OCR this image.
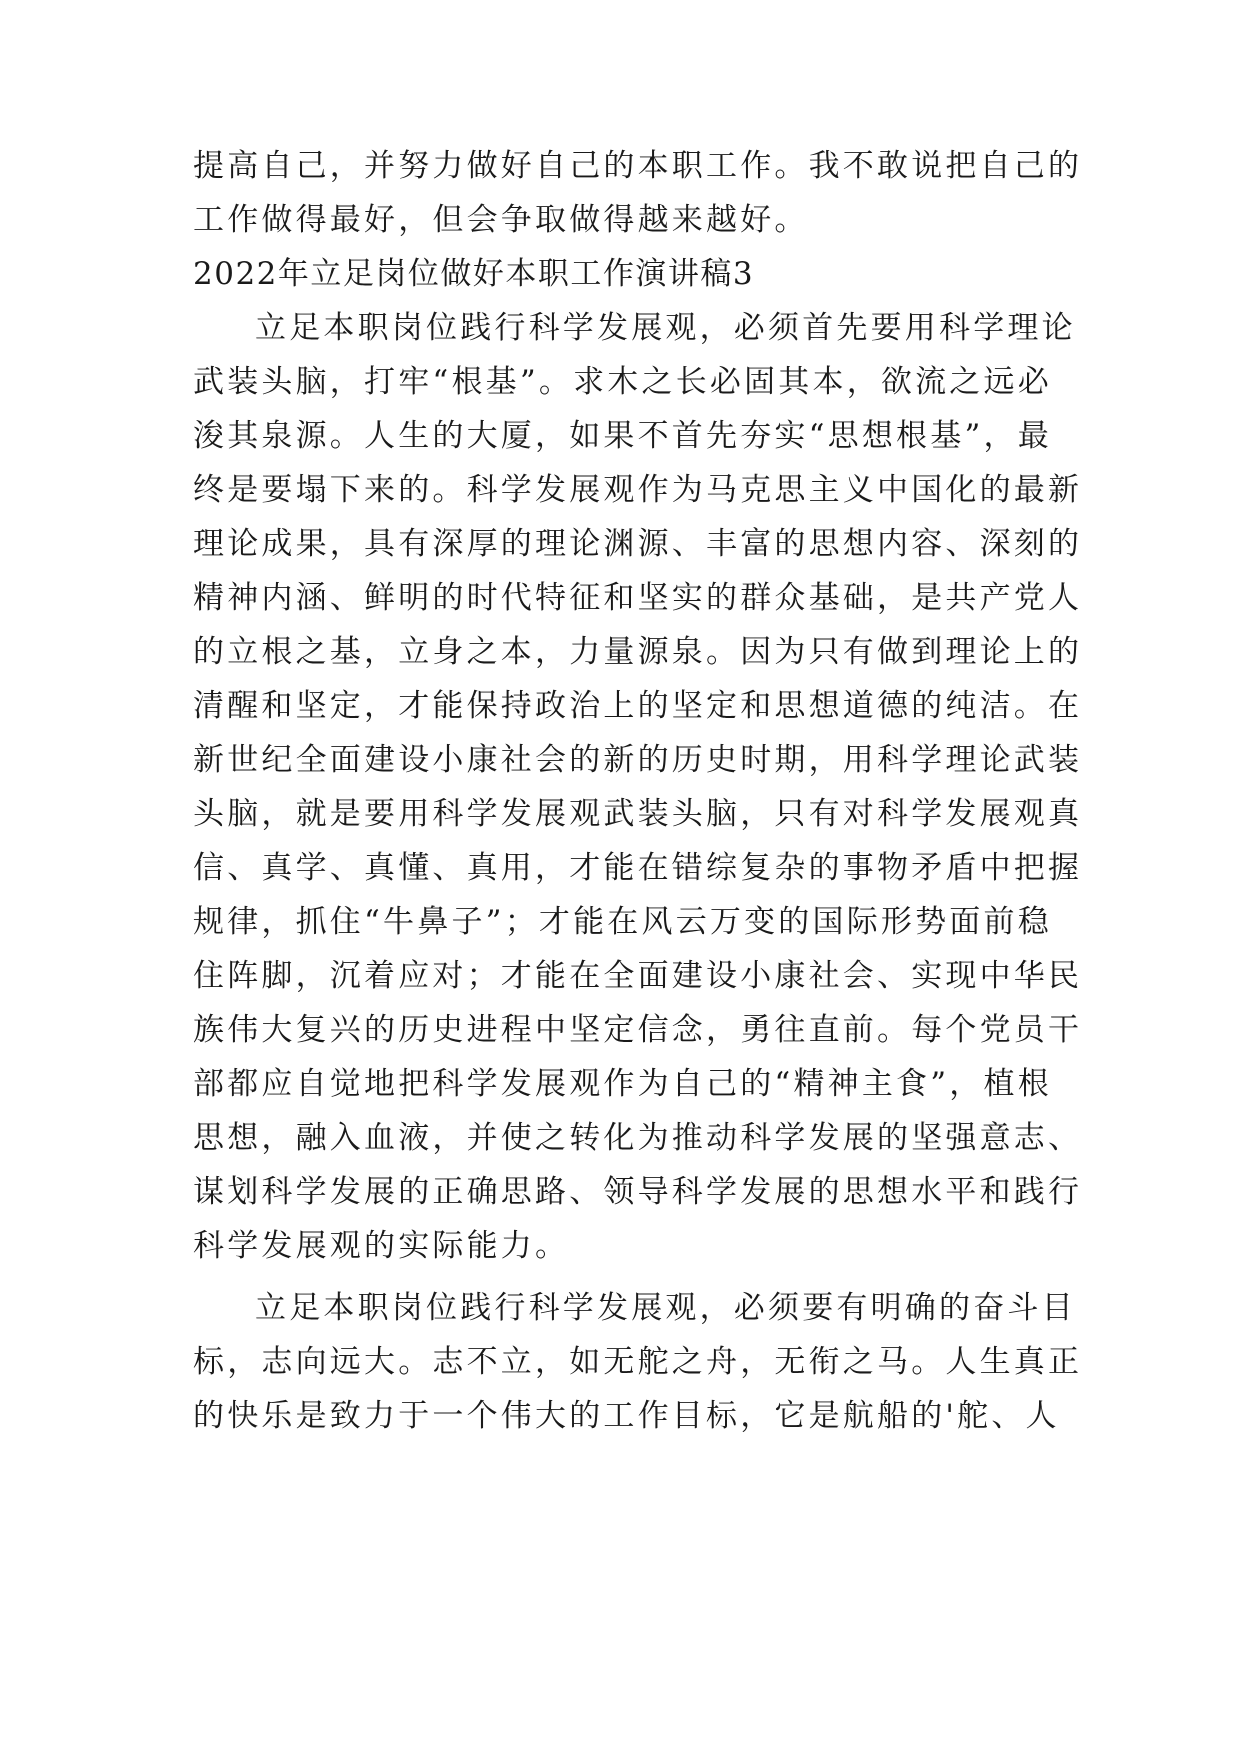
提高自己，并努力做好自己的本职工作。我不敢说把自己的
工作做得最好，但会争取做得越来越好。
2022年立足岗位做好本职工作演讲稿3
立足本职岗位践行科学发展观，必须首先要用科学理论
武装头脑，打牢“根基”。求木之长必固其本，欲流之远必
浚其泉源。人生的大厦，如果不首先夯实“思想根基”，最
终是要塌下来的。科学发展观作为马克思主义中国化的最新
理论成果，具有深厚的理论渊源、丰富的思想内容、深刻的
精神内涵、鲜明的时代特征和坚实的群众基础，是共产党人
的立根之基，立身之本，力量源泉。因为只有做到理论上的
清醒和坚定，才能保持政治上的坚定和思想道德的纯洁。在
新世纪全面建设小康社会的新的历史时期，用科学理论武装
头脑，就是要用科学发展观武装头脑，只有对科学发展观真
信、真学、真懂、真用，才能在错综复杂的事物矛盾中把握
规律，抓住“牛鼻子”；才能在风云万变的国际形势面前稳
住阵脚，沉着应对；才能在全面建设小康社会、实现中华民
族伟大复兴的历史进程中坚定信念，勇往直前。每个党员干
部都应自觉地把科学发展观作为自己的“精神主食”，植根
思想，融入血液，并使之转化为推动科学发展的坚强意志、
谋划科学发展的正确思路、领导科学发展的思想水平和践行
科学发展观的实际能力。
立足本职岗位践行科学发展观，必须要有明确的奋斗目
标，志向远大。志不立，如无舵之舟，无衔之马。人生真正
的快乐是致力于一个伟大的工作目标，它是航船的'舵、人
